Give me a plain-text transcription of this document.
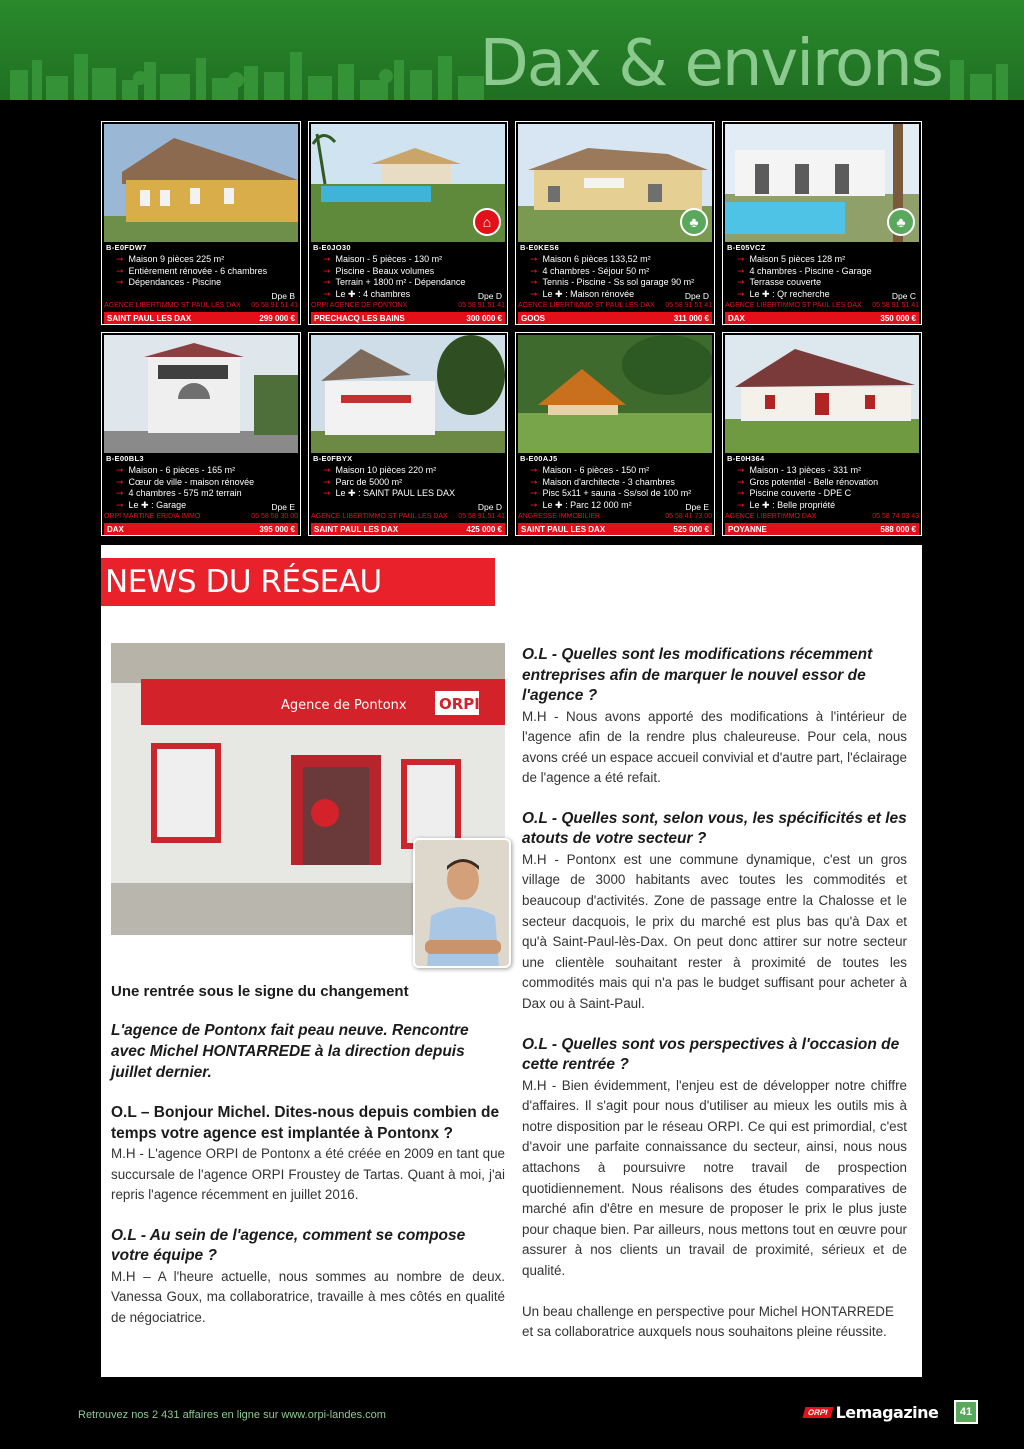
Dax & environs
B-E0FDW7
➞ Maison 9 pièces 225 m²
➞ Entièrement rénovée - 6 chambres
➞ Dépendances - Piscine
Dpe B
AGENCE LIBERTIMMO ST PAUL LES DAX 05 58 91 51 41
SAINT PAUL LES DAX	299 000 €
⌂
B-E0JO30
➞ Maison - 5 pièces - 130 m²
➞ Piscine - Beaux volumes
➞ Terrain + 1800 m² - Dépendance
➞ Le ✚ : 4 chambres	Dpe D
ORPI AGENCE DE PONTONX	05 58 91 51 41
PRECHACQ LES BAINS	300 000 €
♣
B-E0KES6
➞ Maison 6 pièces 133,52 m²
➞ 4 chambres - Séjour 50 m²
➞ Tennis - Piscine - Ss sol garage 90 m²
➞ Le ✚ : Maison rénovée	Dpe D
AGENCE LIBERTIMMO ST PAUL LES DAX 05 58 91 51 41
GOOS	311 000 €
♣
B-E05VCZ
➞ Maison 5 pièces 128 m²
➞ 4 chambres - Piscine - Garage
➞ Terrasse couverte
➞ Le ✚ : Qr recherche	Dpe C
AGENCE LIBERTIMMO ST PAUL LES DAX 05 58 91 51 41
DAX	350 000 €
B-E00BL3
➞ Maison - 6 pièces - 165 m²
➞ Cœur de ville - maison rénovée
➞ 4 chambres - 575 m2 terrain
➞ Le ✚ : Garage	Dpe E
ORPI MARTINE ERIDIA IMMO	05 58 58 30 00
DAX	395 000 €
B-E0FBYX
➞ Maison 10 pièces 220 m²
➞ Parc de 5000 m²
➞ Le ✚ : SAINT PAUL LES DAX
Dpe D
AGENCE LIBERTIMMO ST PAUL LES DAX 05 58 91 51 41
SAINT PAUL LES DAX	425 000 €
B-E00AJ5
➞ Maison - 6 pièces - 150 m²
➞ Maison d'architecte - 3 chambres
➞ Pisc 5x11 + sauna - Ss/sol de 100 m²
➞ Le ✚ : Parc 12 000 m²	Dpe E
ANGRESSE IMMOBILIER	05 58 41 73 00
SAINT PAUL LES DAX	525 000 €
B-E0H364
➞ Maison - 13 pièces - 331 m²
➞ Gros potentiel - Belle rénovation
➞ Piscine couverte - DPE C
➞ Le ✚ : Belle propriété
AGENCE LIBERTIMMO DAX	05 58 74 03 43
POYANNE	588 000 €
NEWS DU RÉSEAU
Agence de Pontonx ORPI

Une rentrée sous le signe du changement

L'agence de Pontonx fait peau neuve. Rencontre avec Michel HONTARREDE à la direction depuis juillet dernier.

O.L – Bonjour Michel. Dites-nous depuis combien de temps votre agence est implantée à Pontonx ?

M.H - L'agence ORPI de Pontonx a été créée en 2009 en tant que succursale de l'agence ORPI Froustey de Tartas. Quant à moi, j'ai repris l'agence récemment en juillet 2016.

O.L - Au sein de l'agence, comment se compose votre équipe ?

M.H – A l'heure actuelle, nous sommes au nombre de deux. Vanessa Goux, ma collaboratrice, travaille à mes côtés en qualité de négociatrice.

O.L - Quelles sont les modifications récemment entreprises afin de marquer le nouvel essor de l'agence ?

M.H - Nous avons apporté des modifications à l'intérieur de l'agence afin de la rendre plus chaleureuse. Pour cela, nous avons créé un espace accueil convivial et d'autre part, l'éclairage de l'agence a été refait.

O.L - Quelles sont, selon vous, les spécificités et les atouts de votre secteur ?

M.H - Pontonx est une commune dynamique, c'est un gros village de 3000 habitants avec toutes les commodités et beaucoup d'activités. Zone de passage entre la Chalosse et le secteur dacquois, le prix du marché est plus bas qu'à Dax et qu'à Saint-Paul-lès-Dax. On peut donc attirer sur notre secteur une clientèle souhaitant rester à proximité de toutes les commodités mais qui n'a pas le budget suffisant pour acheter à Dax ou à Saint-Paul.

O.L - Quelles sont vos perspectives à l'occasion de cette rentrée ?

M.H - Bien évidemment, l'enjeu est de développer notre chiffre d'affaires. Il s'agit pour nous d'utiliser au mieux les outils mis à notre disposition par le réseau ORPI. Ce qui est primordial, c'est d'avoir une parfaite connaissance du secteur, ainsi, nous nous attachons à poursuivre notre travail de prospection quotidiennement. Nous réalisons des études comparatives de marché afin d'être en mesure de proposer le prix le plus juste pour chaque bien. Par ailleurs, nous mettons tout en œuvre pour assurer à nos clients un travail de proximité, sérieux et de qualité.

Un beau challenge en perspective pour Michel HONTARREDE et sa collaboratrice auxquels nous souhaitons pleine réussite.

Retrouvez nos 2 431 affaires en ligne sur www.orpi-landes.com	ORPI Lemagazine	41
